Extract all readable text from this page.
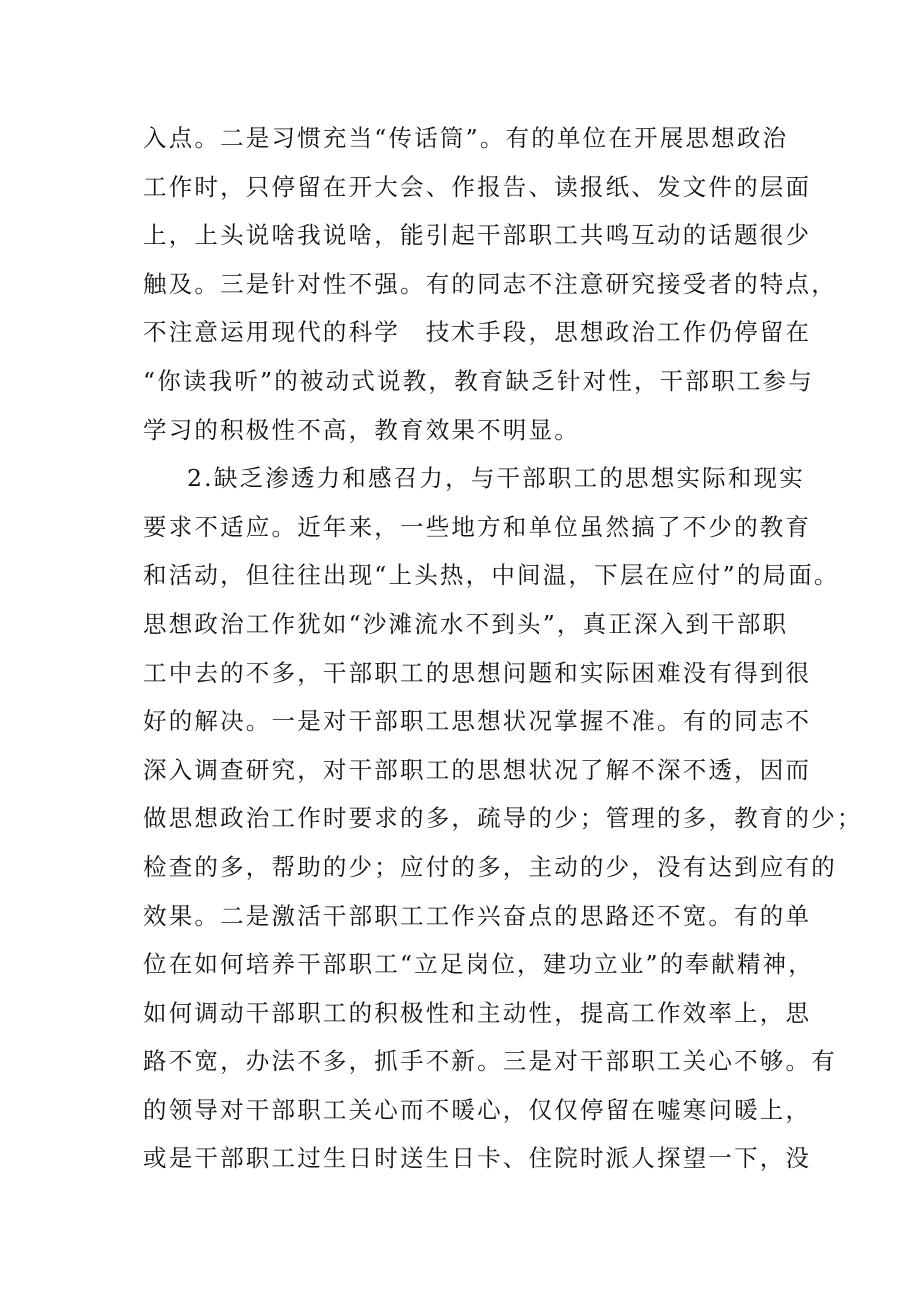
入点。二是习惯充当“传话筒”。有的单位在开展思想政治
工作时，只停留在开大会、作报告、读报纸、发文件的层面
上，上头说啥我说啥，能引起干部职工共鸣互动的话题很少
触及。三是针对性不强。有的同志不注意研究接受者的特点，
不注意运用现代的科学　技术手段，思想政治工作仍停留在
“你读我听”的被动式说教，教育缺乏针对性，干部职工参与
学习的积极性不高，教育效果不明显。
2.缺乏渗透力和感召力，与干部职工的思想实际和现实
要求不适应。近年来，一些地方和单位虽然搞了不少的教育
和活动，但往往出现“上头热，中间温，下层在应付”的局面。
思想政治工作犹如“沙滩流水不到头”，真正深入到干部职
工中去的不多，干部职工的思想问题和实际困难没有得到很
好的解决。一是对干部职工思想状况掌握不准。有的同志不
深入调查研究，对干部职工的思想状况了解不深不透，因而
做思想政治工作时要求的多，疏导的少；管理的多，教育的少；
检查的多，帮助的少；应付的多，主动的少，没有达到应有的
效果。二是激活干部职工工作兴奋点的思路还不宽。有的单
位在如何培养干部职工“立足岗位，建功立业”的奉献精神，
如何调动干部职工的积极性和主动性，提高工作效率上，思
路不宽，办法不多，抓手不新。三是对干部职工关心不够。有
的领导对干部职工关心而不暖心，仅仅停留在嘘寒问暖上，
或是干部职工过生日时送生日卡、住院时派人探望一下，没
